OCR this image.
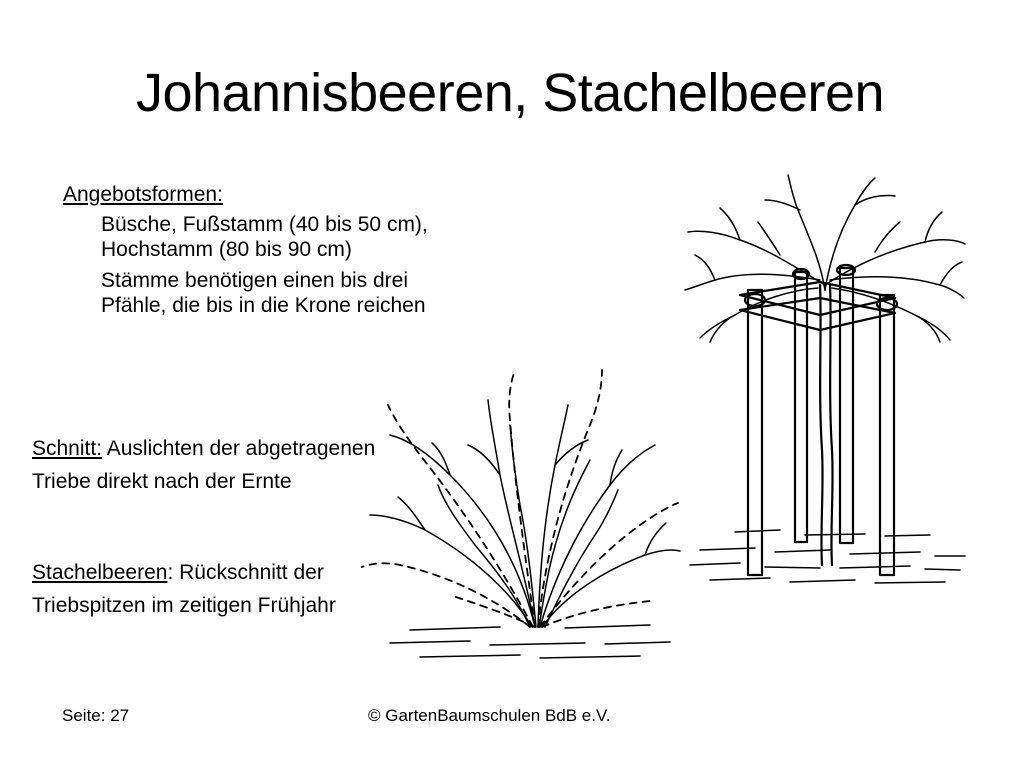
Johannisbeeren, Stachelbeeren
Angebotsformen:
Büsche, Fußstamm (40 bis 50 cm), Hochstamm (80 bis 90 cm)
Stämme benötigen einen bis drei Pfähle, die bis in die Krone reichen
Schnitt: Auslichten der abgetragenen Triebe direkt nach der Ernte
Stachelbeeren: Rückschnitt der Triebspitzen im zeitigen Frühjahr
Seite: 27	© GartenBaumschulen BdB e.V.
